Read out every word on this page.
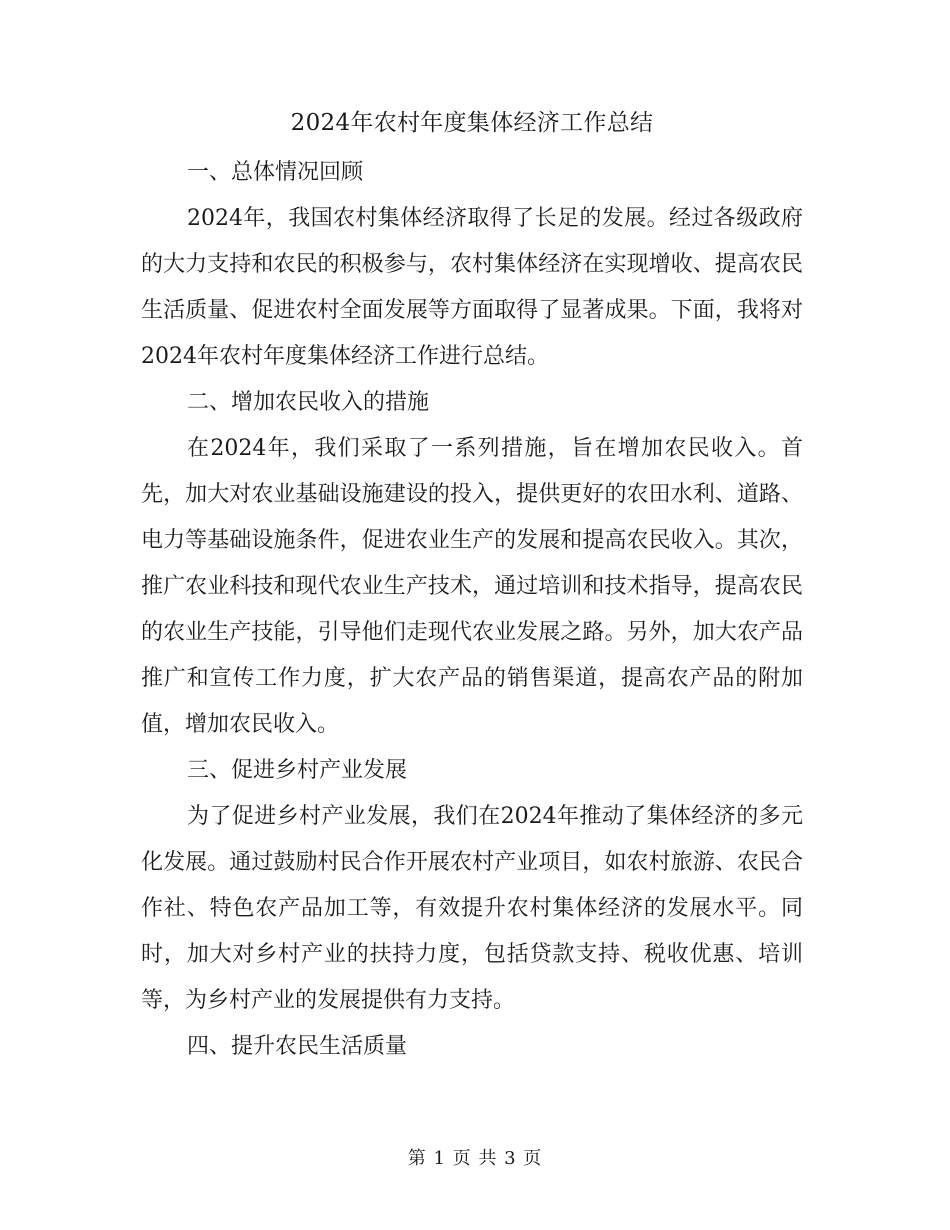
2024年农村年度集体经济工作总结

一、总体情况回顾

2024年，我国农村集体经济取得了长足的发展。经过各级政府的大力支持和农民的积极参与，农村集体经济在实现增收、提高农民生活质量、促进农村全面发展等方面取得了显著成果。下面，我将对2024年农村年度集体经济工作进行总结。

二、增加农民收入的措施

在2024年，我们采取了一系列措施，旨在增加农民收入。首先，加大对农业基础设施建设的投入，提供更好的农田水利、道路、电力等基础设施条件，促进农业生产的发展和提高农民收入。其次，推广农业科技和现代农业生产技术，通过培训和技术指导，提高农民的农业生产技能，引导他们走现代农业发展之路。另外，加大农产品推广和宣传工作力度，扩大农产品的销售渠道，提高农产品的附加值，增加农民收入。

三、促进乡村产业发展

为了促进乡村产业发展，我们在2024年推动了集体经济的多元化发展。通过鼓励村民合作开展农村产业项目，如农村旅游、农民合作社、特色农产品加工等，有效提升农村集体经济的发展水平。同时，加大对乡村产业的扶持力度，包括贷款支持、税收优惠、培训等，为乡村产业的发展提供有力支持。

四、提升农民生活质量

第 1 页 共 3 页
